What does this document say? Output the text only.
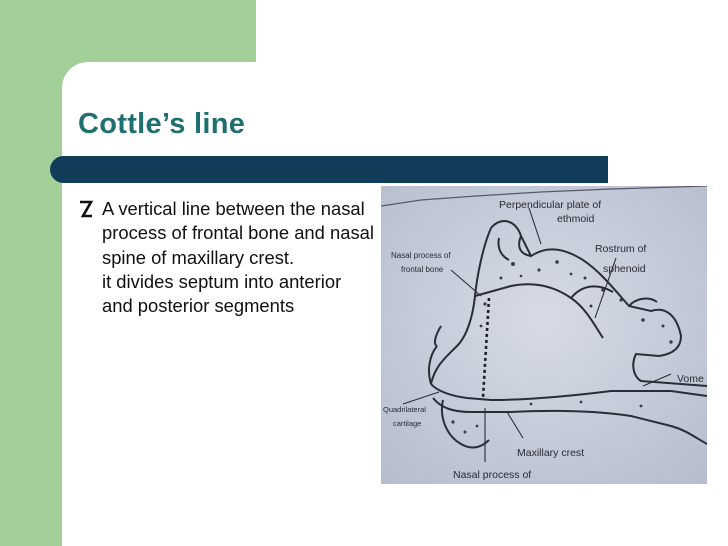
Cottle’s line
A vertical line between the nasal process of frontal bone and nasal spine of maxillary crest.
it divides septum into anterior and posterior segments
Perpendicular plate of
ethmoid
Rostrum of
sphenoid
Nasal process of
frontal bone
Vome
Quadrilateral
cartilage
Maxillary crest
Nasal process of
